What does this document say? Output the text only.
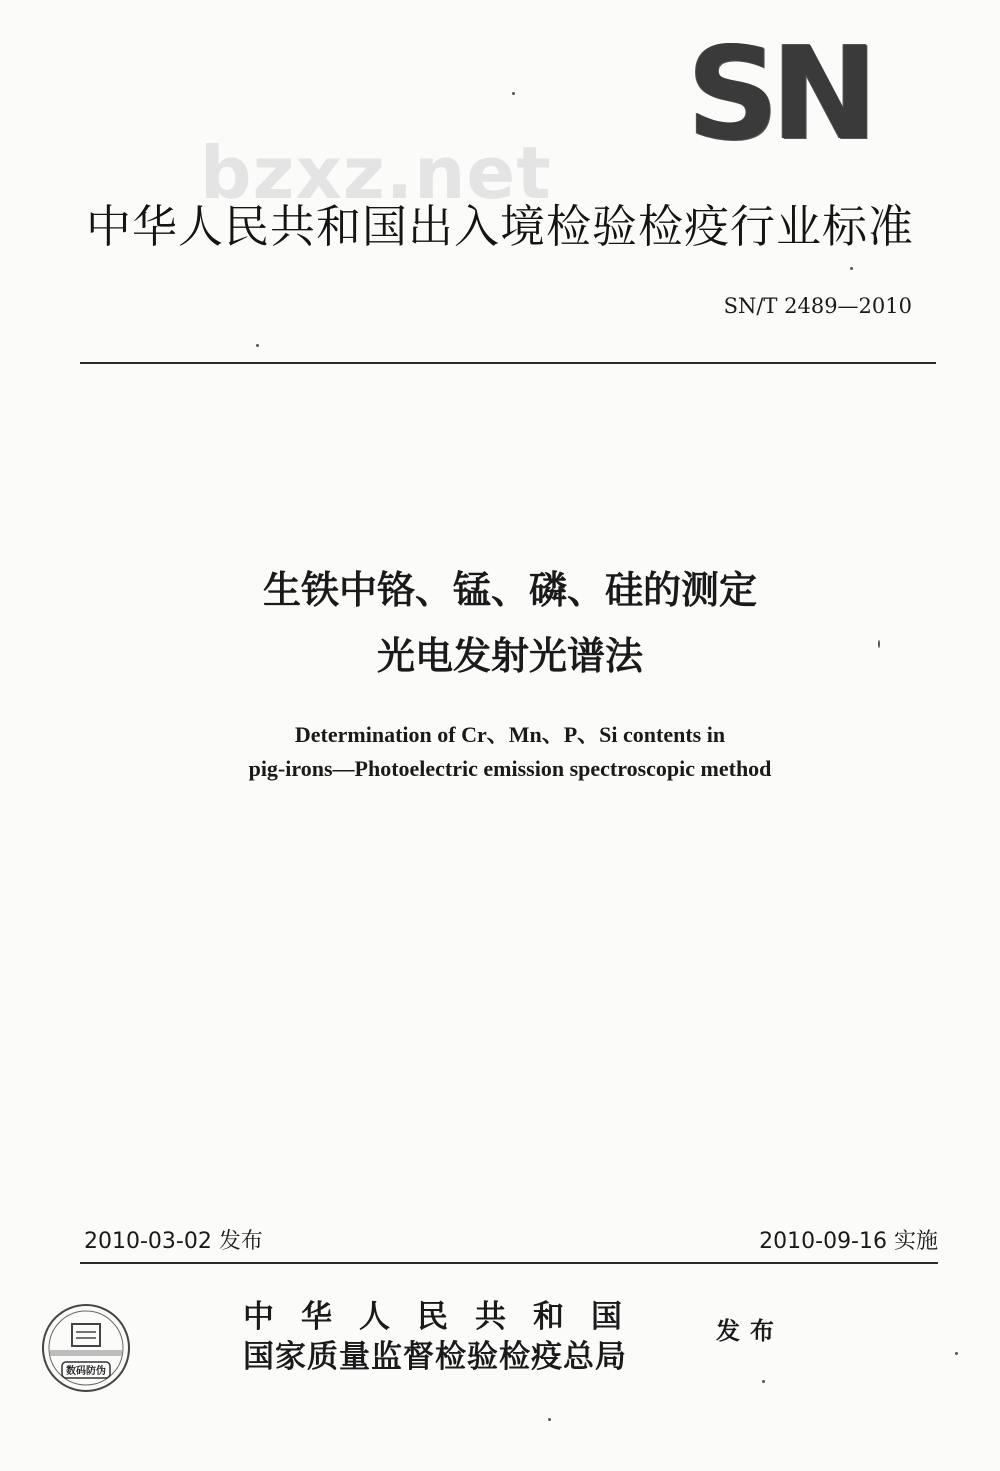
SN
bzxz.net
中华人民共和国出入境检验检疫行业标准
SN/T 2489—2010
生铁中铬、锰、磷、硅的测定
光电发射光谱法
Determination of Cr、Mn、P、Si contents in
pig-irons—Photoelectric emission spectroscopic method
2010-03-02 发布	2010-09-16 实施
数码防伪
中华人民共和国
国家质量监督检验检疫总局
发布
